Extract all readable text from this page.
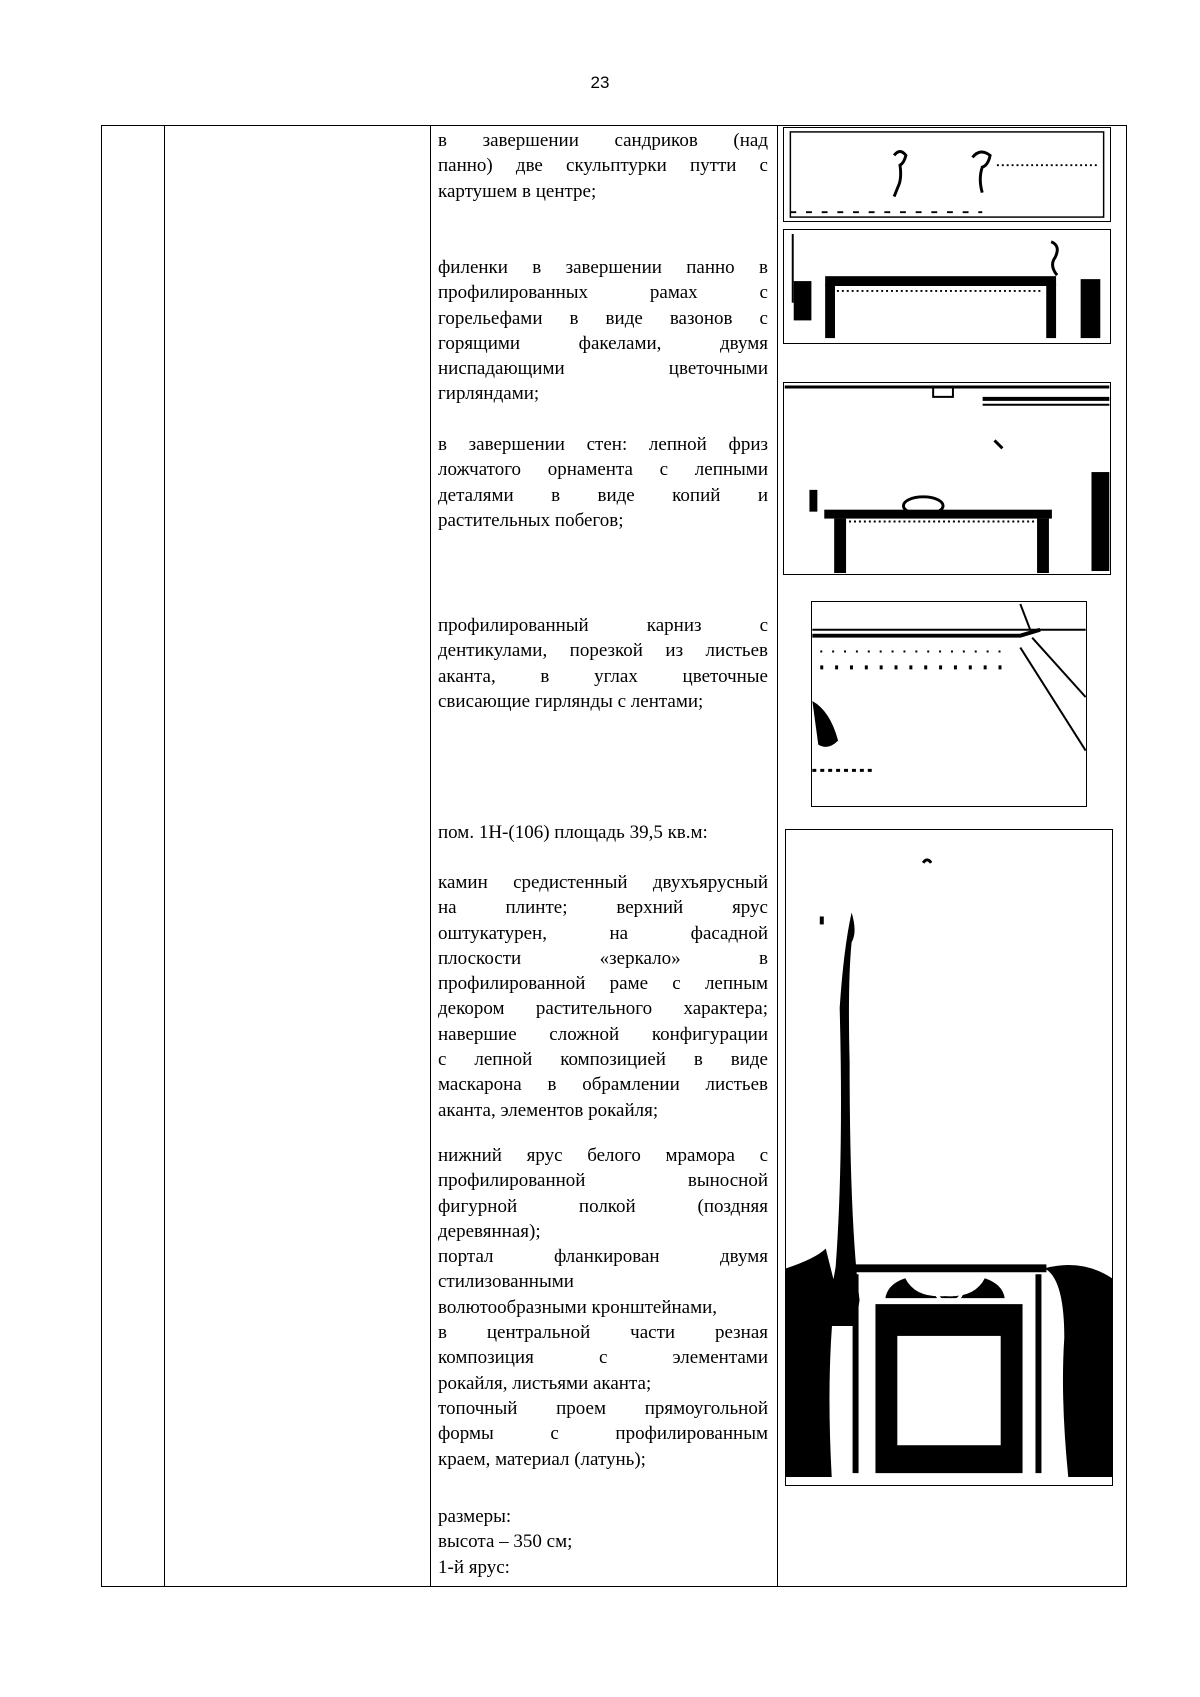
23

в завершении сандриков (над
панно) две скульптурки путти с
картушем в центре;

филенки в завершении панно в
профилированных рамах с
горельефами в виде вазонов с
горящими факелами, двумя
ниспадающими цветочными
гирляндами;

в завершении стен: лепной фриз
ложчатого орнамента с лепными
деталями в виде копий и
растительных побегов;

профилированный карниз с
дентикулами, порезкой из листьев
аканта, в углах цветочные
свисающие гирлянды с лентами;

пом. 1Н-(106) площадь 39,5 кв.м:

камин средистенный двухъярусный
на плинте; верхний ярус
оштукатурен, на фасадной
плоскости «зеркало» в
профилированной раме с лепным
декором растительного характера;
навершие сложной конфигурации
с лепной композицией в виде
маскарона в обрамлении листьев
аканта, элементов рокайля;

нижний ярус белого мрамора с
профилированной выносной
фигурной полкой (поздняя
деревянная);
портал фланкирован двумя
стилизованными
волютообразными кронштейнами,
в центральной части резная
композиция с элементами
рокайля, листьями аканта;
топочный проем прямоугольной
формы с профилированным
краем, материал (латунь);

размеры:
высота – 350 см;
1-й ярус:
